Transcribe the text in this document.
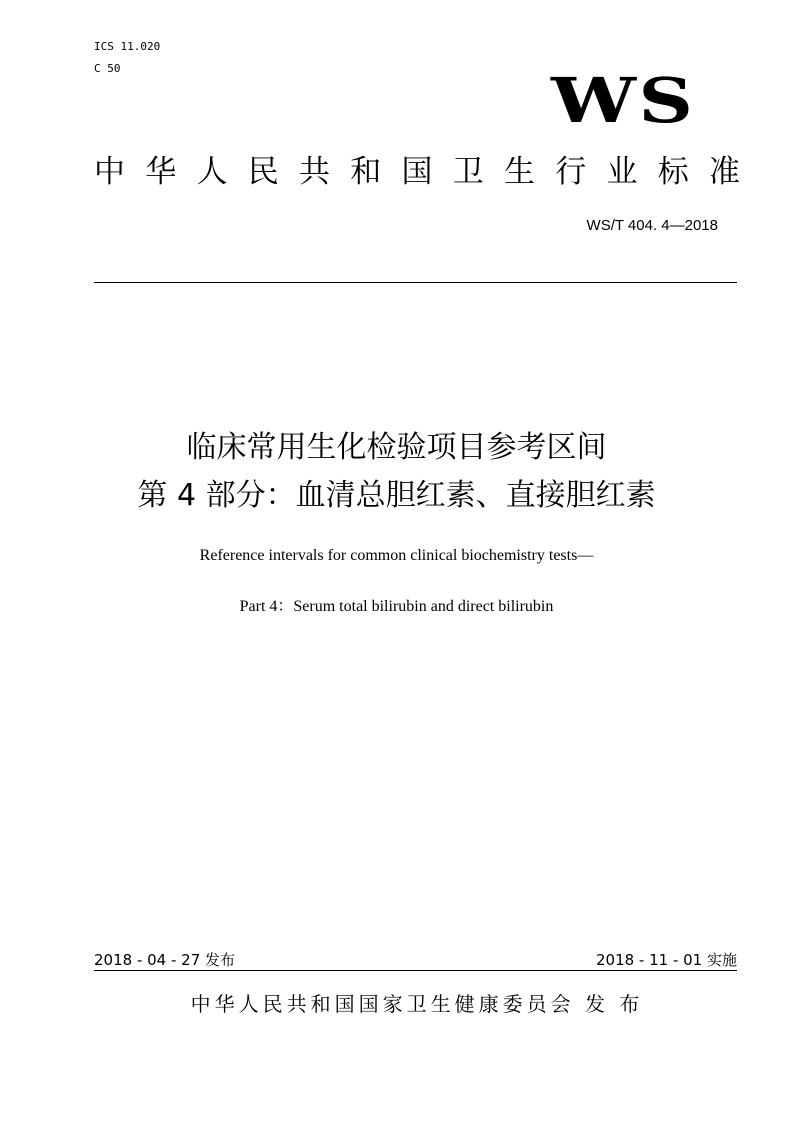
ICS 11.020
C 50	WS
中 华 人 民 共 和 国 卫 生 行 业 标 准
WS/T 404. 4—2018
临床常用生化检验项目参考区间
第 4 部分：血清总胆红素、直接胆红素
Reference intervals for common clinical biochemistry tests—
Part 4：Serum total bilirubin and direct bilirubin
2018 - 04 - 27 发布	2018 - 11 - 01 实施
中华人民共和国国家卫生健康委员会 发 布
